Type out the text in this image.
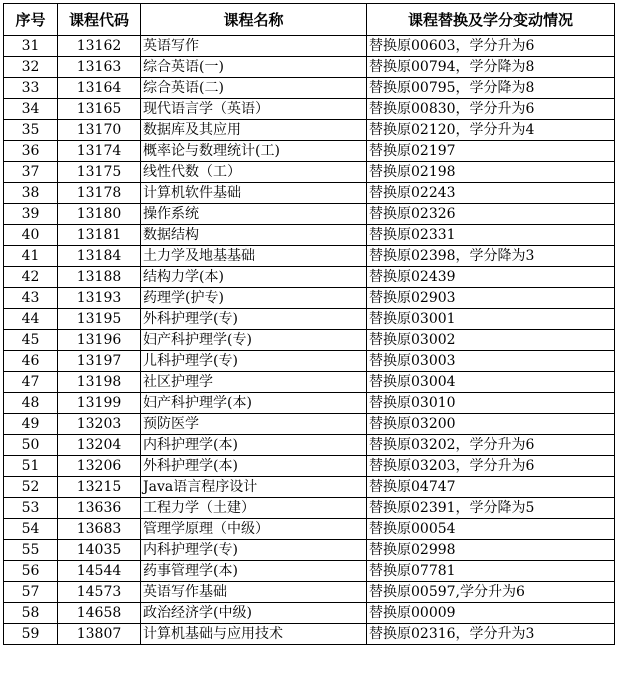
序号	课程代码	课程名称	课程替换及学分变动情况
31	13162	英语写作	替换原00603，学分升为6
32	13163	综合英语(一)	替换原00794，学分降为8
33	13164	综合英语(二)	替换原00795，学分降为8
34	13165	现代语言学（英语）	替换原00830，学分升为6
35	13170	数据库及其应用	替换原02120，学分升为4
36	13174	概率论与数理统计(工)	替换原02197
37	13175	线性代数（工）	替换原02198
38	13178	计算机软件基础	替换原02243
39	13180	操作系统	替换原02326
40	13181	数据结构	替换原02331
41	13184	土力学及地基基础	替换原02398，学分降为3
42	13188	结构力学(本)	替换原02439
43	13193	药理学(护专)	替换原02903
44	13195	外科护理学(专)	替换原03001
45	13196	妇产科护理学(专)	替换原03002
46	13197	儿科护理学(专)	替换原03003
47	13198	社区护理学	替换原03004
48	13199	妇产科护理学(本)	替换原03010
49	13203	预防医学	替换原03200
50	13204	内科护理学(本)	替换原03202，学分升为6
51	13206	外科护理学(本)	替换原03203，学分升为6
52	13215	Java语言程序设计	替换原04747
53	13636	工程力学（土建）	替换原02391，学分降为5
54	13683	管理学原理（中级）	替换原00054
55	14035	内科护理学(专)	替换原02998
56	14544	药事管理学(本)	替换原07781
57	14573	英语写作基础	替换原00597,学分升为6
58	14658	政治经济学(中级)	替换原00009
59	13807	计算机基础与应用技术	替换原02316，学分升为3
